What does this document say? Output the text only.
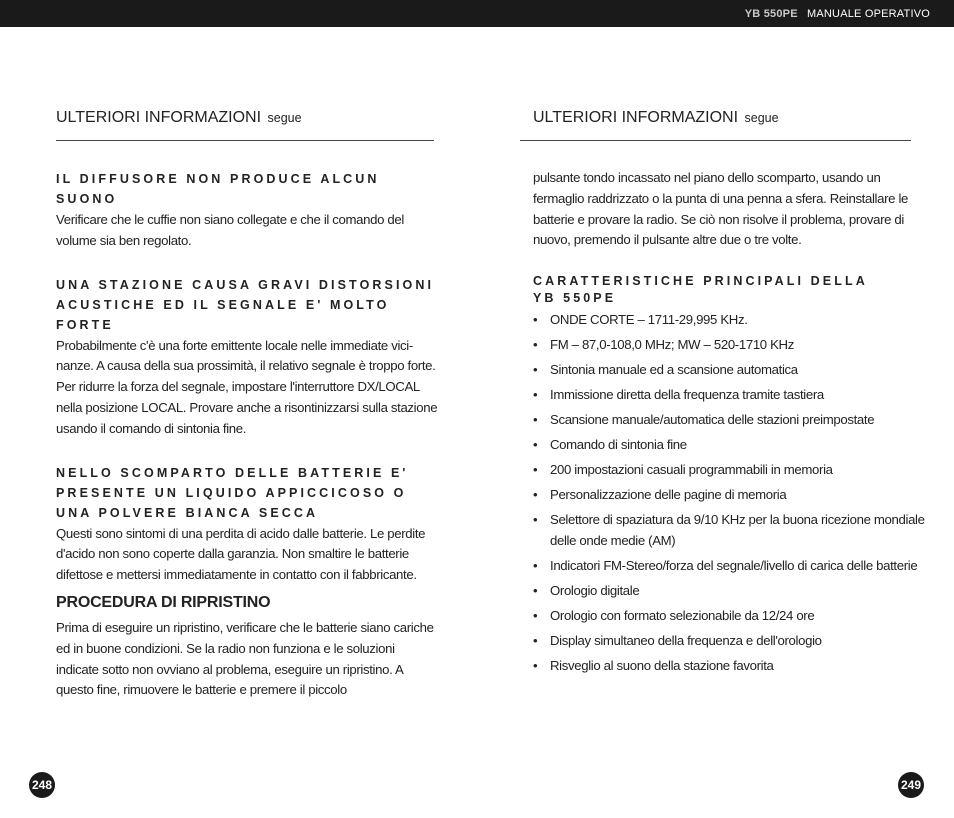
YB 550PE MANUALE OPERATIVO
ULTERIORI INFORMAZIONI segue

IL DIFFUSORE NON PRODUCE ALCUN SUONO

Verificare che le cuffie non siano collegate e che il comando del volume sia ben regolato.

UNA STAZIONE CAUSA GRAVI DISTORSIONI

ACUSTICHE ED IL SEGNALE E' MOLTO FORTE

Probabilmente c'è una forte emittente locale nelle immediate vici-nanze. A causa della sua prossimità, il relativo segnale è troppo forte. Per ridurre la forza del segnale, impostare l'interruttore DX/LOCAL nella posizione LOCAL. Provare anche a risontinizzarsi sulla stazione usando il comando di sintonia fine.

NELLO SCOMPARTO DELLE BATTERIE E'

PRESENTE UN LIQUIDO APPICCICOSO O

UNA POLVERE BIANCA SECCA

Questi sono sintomi di una perdita di acido dalle batterie. Le perdite d'acido non sono coperte dalla garanzia. Non smaltire le batterie difettose e mettersi immediatamente in contatto con il fabbricante.

PROCEDURA DI RIPRISTINO

Prima di eseguire un ripristino, verificare che le batterie siano cariche ed in buone condizioni. Se la radio non funziona e le soluzioni indicate sotto non ovviano al problema, eseguire un ripristino. A questo fine, rimuovere le batterie e premere il piccolo

248
ULTERIORI INFORMAZIONI segue

pulsante tondo incassato nel piano dello scomparto, usando un fermaglio raddrizzato o la punta di una penna a sfera. Reinstallare le batterie e provare la radio. Se ciò non risolve il problema, provare di nuovo, premendo il pulsante altre due o tre volte.

CARATTERISTICHE PRINCIPALI DELLA

YB 550PE

• ONDE CORTE – 1711-29,995 KHz.
• FM – 87,0-108,0 MHz; MW – 520-1710 KHz
• Sintonia manuale ed a scansione automatica
• Immissione diretta della frequenza tramite tastiera
• Scansione manuale/automatica delle stazioni preimpostate
• Comando di sintonia fine
• 200 impostazioni casuali programmabili in memoria
• Personalizzazione delle pagine di memoria
• Selettore di spaziatura da 9/10 KHz per la buona ricezione mondiale delle onde medie (AM)
• Indicatori FM-Stereo/forza del segnale/livello di carica delle batterie
• Orologio digitale
• Orologio con formato selezionabile da 12/24 ore
• Display simultaneo della frequenza e dell'orologio
• Risveglio al suono della stazione favorita
249
